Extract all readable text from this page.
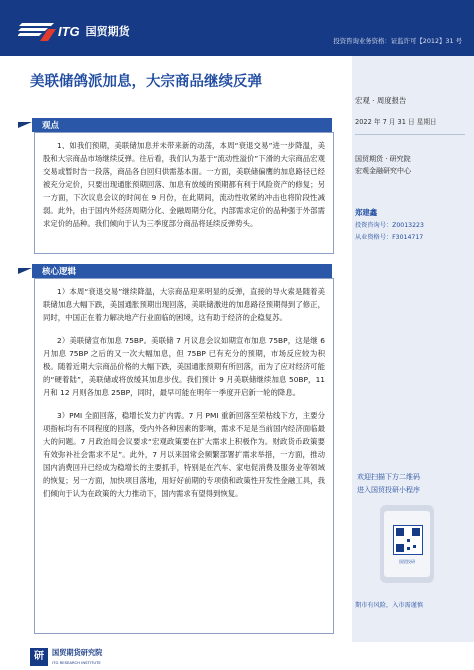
ITG 国贸期货
投资咨询业务资格：证监许可【2012】31 号
美联储鸽派加息，大宗商品继续反弹
宏观 · 周度报告
2022 年 7 月 31 日 星期日
国贸期货 · 研究院
宏观金融研究中心
郑建鑫
投资咨询号：Z0013223
从业资格号：F3014717
欢迎扫描下方二维码
进入国贸投研小程序
国贸投研
期市有风险，入市需谨慎
观点
1、如我们预期，美联储加息并未带来新的动荡，本周“衰退交易”进一步降温，美股和大宗商品市场继续反弹。往后看，我们认为基于“流动性溢价”下滑的大宗商品宏观交易或暂时告一段落，商品各自回归供需基本面。一方面，美联储偏鹰的加息路径已经被充分定价，只要出现通胀预期回落、加息有放缓的预期都有利于风险资产的修复；另一方面，下次议息会议的时间在 9 月份，在此期间，流动性收紧的冲击也将阶段性减弱。此外，由于国内外经济周期分化、金融周期分化，内部需求定价的品种强于外部需求定价的品种。我们倾向于认为三季度部分商品将延续反弹势头。
核心逻辑
1）本周“衰退交易”继续降温，大宗商品迎来明显的反弹，直接的导火索是随着美联储加息大幅下跌，美国通胀预期出现回落，美联储激进的加息路径预期得到了修正，同时，中国正在着力解决地产行业面临的困境，这有助于经济的企稳复苏。
2）美联储宣布加息 75BP。美联储 7 月议息会议如期宣布加息 75BP，这是继 6 月加息 75BP 之后的又一次大幅加息，但 75BP 已有充分的预期，市场反应较为积极。随着近期大宗商品价格的大幅下跌，美国通胀预期有所回落，而为了应对经济可能的“硬着陆”，美联储或将放缓其加息步伐。我们预计 9 月美联储继续加息 50BP，11 月和 12 月则各加息 25BP，同时，最早可能在明年一季度开启新一轮的降息。
3）PMI 全面回落，稳增长发力扩内需。7 月 PMI 重新回落至荣枯线下方，主要分项指标均有不同程度的回落，受内外各种因素的影响，需求不足是当前国内经济面临最大的问题。7 月政治局会议要求“宏观政策要在扩大需求上积极作为。财政货币政策要有效弥补社会需求不足”。此外，7 月以来国常会频繁部署扩需求举措，一方面，推动国内消费回升已经成为稳增长的主要抓手，特别是在汽车、家电促消费及服务业等领域的恢复；另一方面，加快项目落地，用好好前期的专项债和政策性开发性金融工具，我们倾向于认为在政策的大力推动下，国内需求有望得到恢复。
研	国贸期货研究院
ITG RESEARCH INSTITUTE
